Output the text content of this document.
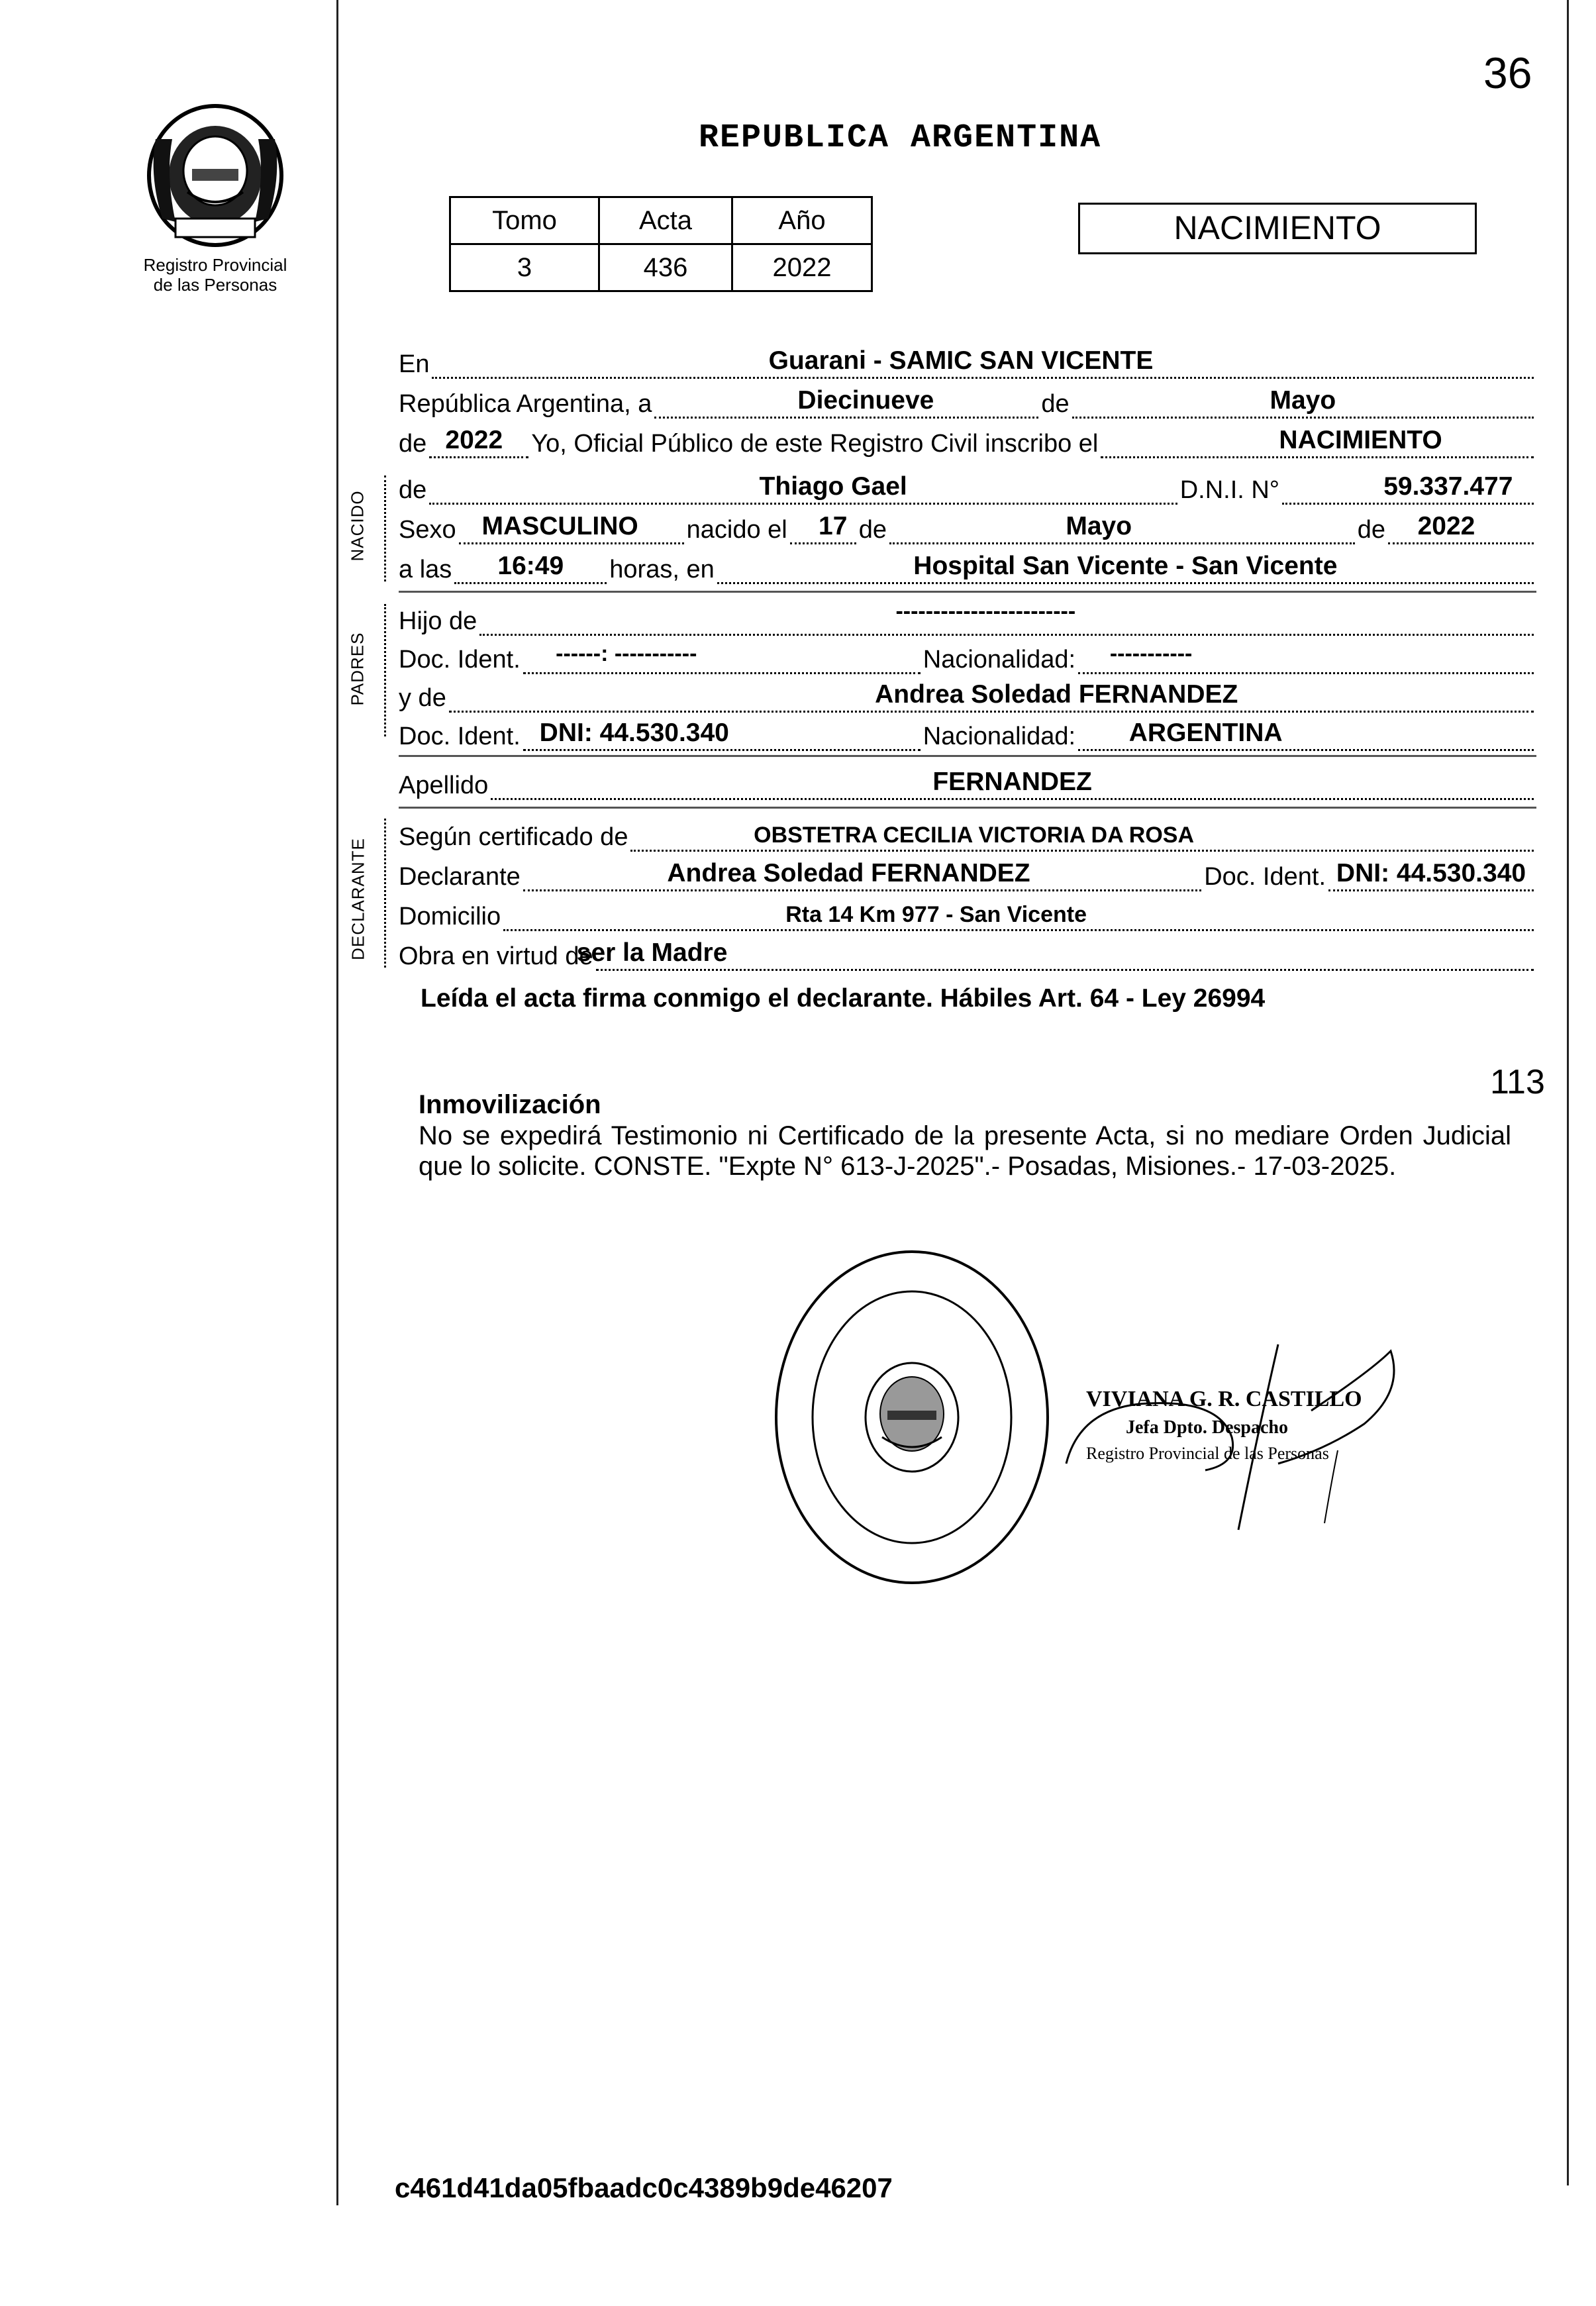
Registro Provincial
de las Personas
36
REPUBLICA ARGENTINA
Tomo	Acta	Año
3	436	2022
NACIMIENTO
En	Guarani - SAMIC SAN VICENTE
República Argentina, a	Diecinueve	de	Mayo
de 2022 Yo, Oficial Público de este Registro Civil inscribo el	NACIMIENTO
NACIDO
de	Thiago Gael	D.N.I. N°	59.337.477
Sexo MASCULINO nacido el 17 de	Mayo	de 2022
a las 16:49 horas, en	Hospital San Vicente - San Vicente
PADRES
Hijo de	------------------------
Doc. Ident. ------: -----------	Nacionalidad: -----------
y de	Andrea Soledad FERNANDEZ
Doc. Ident. DNI: 44.530.340	Nacionalidad: ARGENTINA
Apellido	FERNANDEZ
DECLARANTE
Según certificado de	OBSTETRA CECILIA VICTORIA DA ROSA
Declarante	Andrea Soledad FERNANDEZ	Doc. Ident. DNI: 44.530.340
Domicilio	Rta 14 Km 977 - San Vicente
Obra en virtud de
ser la Madre
Leída el acta firma conmigo el declarante. Hábiles Art. 64 - Ley 26994
113
Inmovilización
No se expedirá Testimonio ni Certificado de la presente Acta, si no mediare Orden Judicial que lo solicite. CONSTE. "Expte N° 613-J-2025".- Posadas, Misiones.- 17-03-2025.
VIVIANA G. R. CASTILLO
Jefa Dpto. Despacho
Registro Provincial de las Personas
c461d41da05fbaadc0c4389b9de46207
